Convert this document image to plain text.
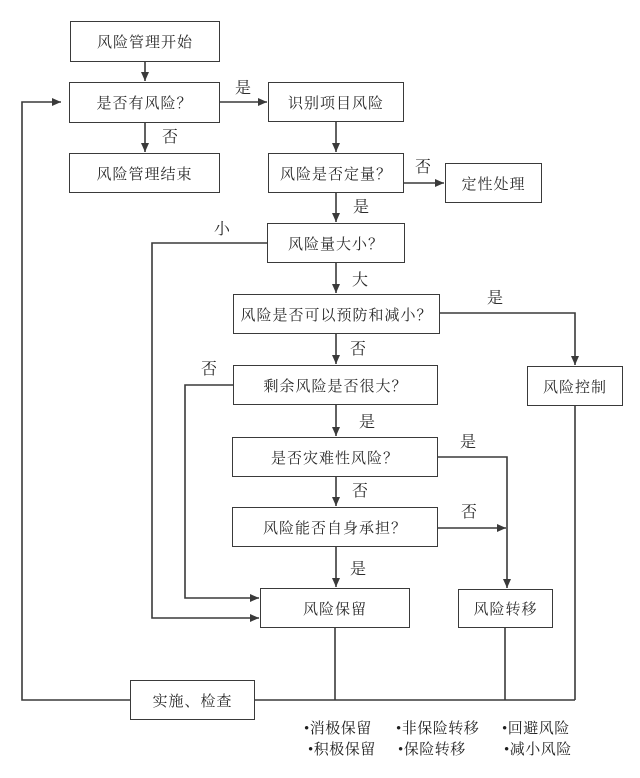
风险管理开始
是否有风险？
风险管理结束
识别项目风险
风险是否定量？
定性处理
风险量大小？
风险是否可以预防和减小？
剩余风险是否很大？	风险控制
是否灾难性风险？
风险能否自身承担？
风险保留	风险转移
实施、检查
是
否
否
是
小
大
是
否
否
是
是
否
否
是
•消极保留 •非保险转移 •回避风险
•积极保留 •保险转移	•减小风险
